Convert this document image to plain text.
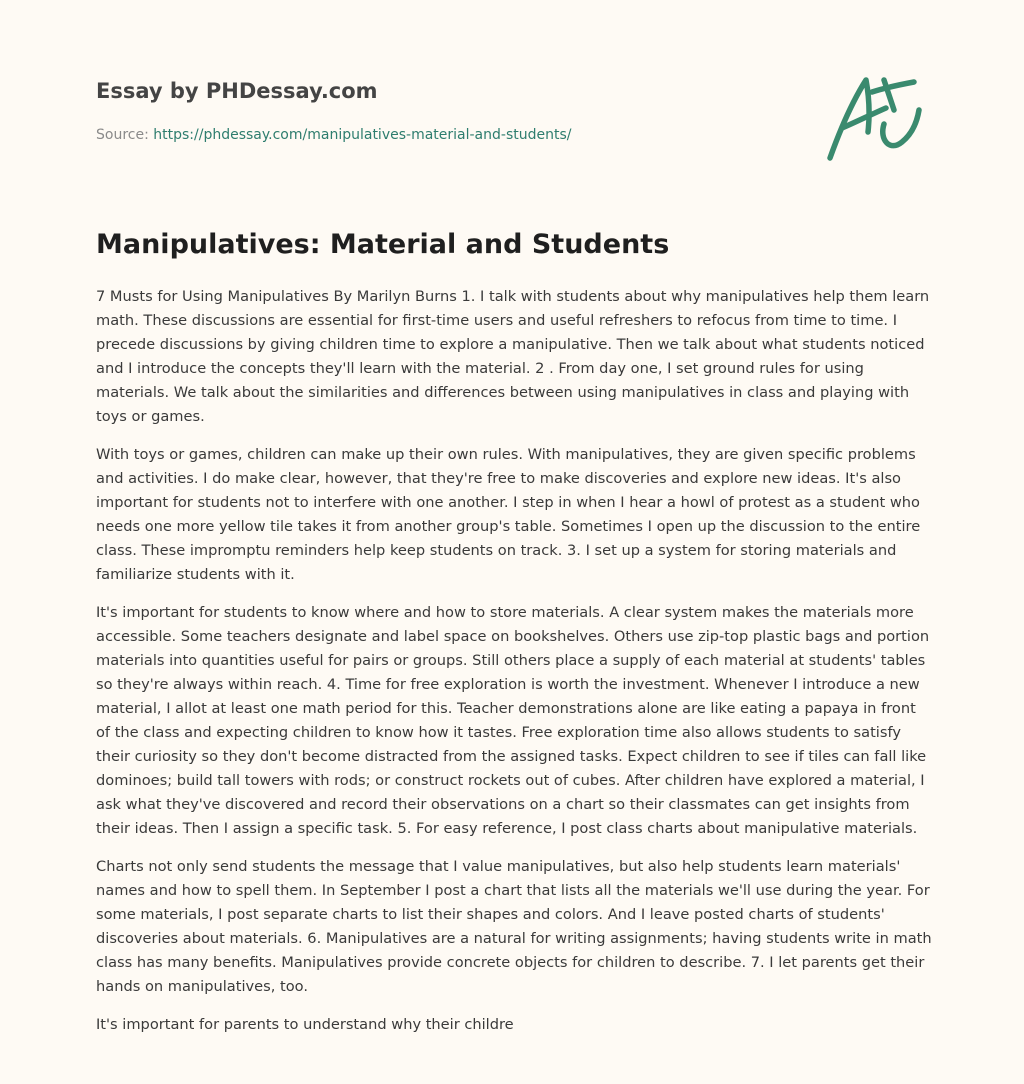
Essay by PHDessay.com
Source: https://phdessay.com/manipulatives-material-and-students/
Manipulatives: Material and Students

7 Musts for Using Manipulatives By Marilyn Burns 1. I talk with students about why manipulatives help them learn math. These discussions are essential for first-time users and useful refreshers to refocus from time to time. I precede discussions by giving children time to explore a manipulative. Then we talk about what students noticed and I introduce the concepts they'll learn with the material. 2 . From day one, I set ground rules for using materials. We talk about the similarities and differences between using manipulatives in class and playing with toys or games.

With toys or games, children can make up their own rules. With manipulatives, they are given specific problems and activities. I do make clear, however, that they're free to make discoveries and explore new ideas. It's also important for students not to interfere with one another. I step in when I hear a howl of protest as a student who needs one more yellow tile takes it from another group's table. Sometimes I open up the discussion to the entire class. These impromptu reminders help keep students on track. 3. I set up a system for storing materials and familiarize students with it.

It's important for students to know where and how to store materials. A clear system makes the materials more accessible. Some teachers designate and label space on bookshelves. Others use zip-top plastic bags and portion materials into quantities useful for pairs or groups. Still others place a supply of each material at students' tables so they're always within reach. 4. Time for free exploration is worth the investment. Whenever I introduce a new material, I allot at least one math period for this. Teacher demonstrations alone are like eating a papaya in front of the class and expecting children to know how it tastes. Free exploration time also allows students to satisfy their curiosity so they don't become distracted from the assigned tasks. Expect children to see if tiles can fall like dominoes; build tall towers with rods; or construct rockets out of cubes. After children have explored a material, I ask what they've discovered and record their observations on a chart so their classmates can get insights from their ideas. Then I assign a specific task. 5. For easy reference, I post class charts about manipulative materials.

Charts not only send students the message that I value manipulatives, but also help students learn materials' names and how to spell them. In September I post a chart that lists all the materials we'll use during the year. For some materials, I post separate charts to list their shapes and colors. And I leave posted charts of students' discoveries about materials. 6. Manipulatives are a natural for writing assignments; having students write in math class has many benefits. Manipulatives provide concrete objects for children to describe. 7. I let parents get their hands on manipulatives, too.

It's important for parents to understand why their childre
